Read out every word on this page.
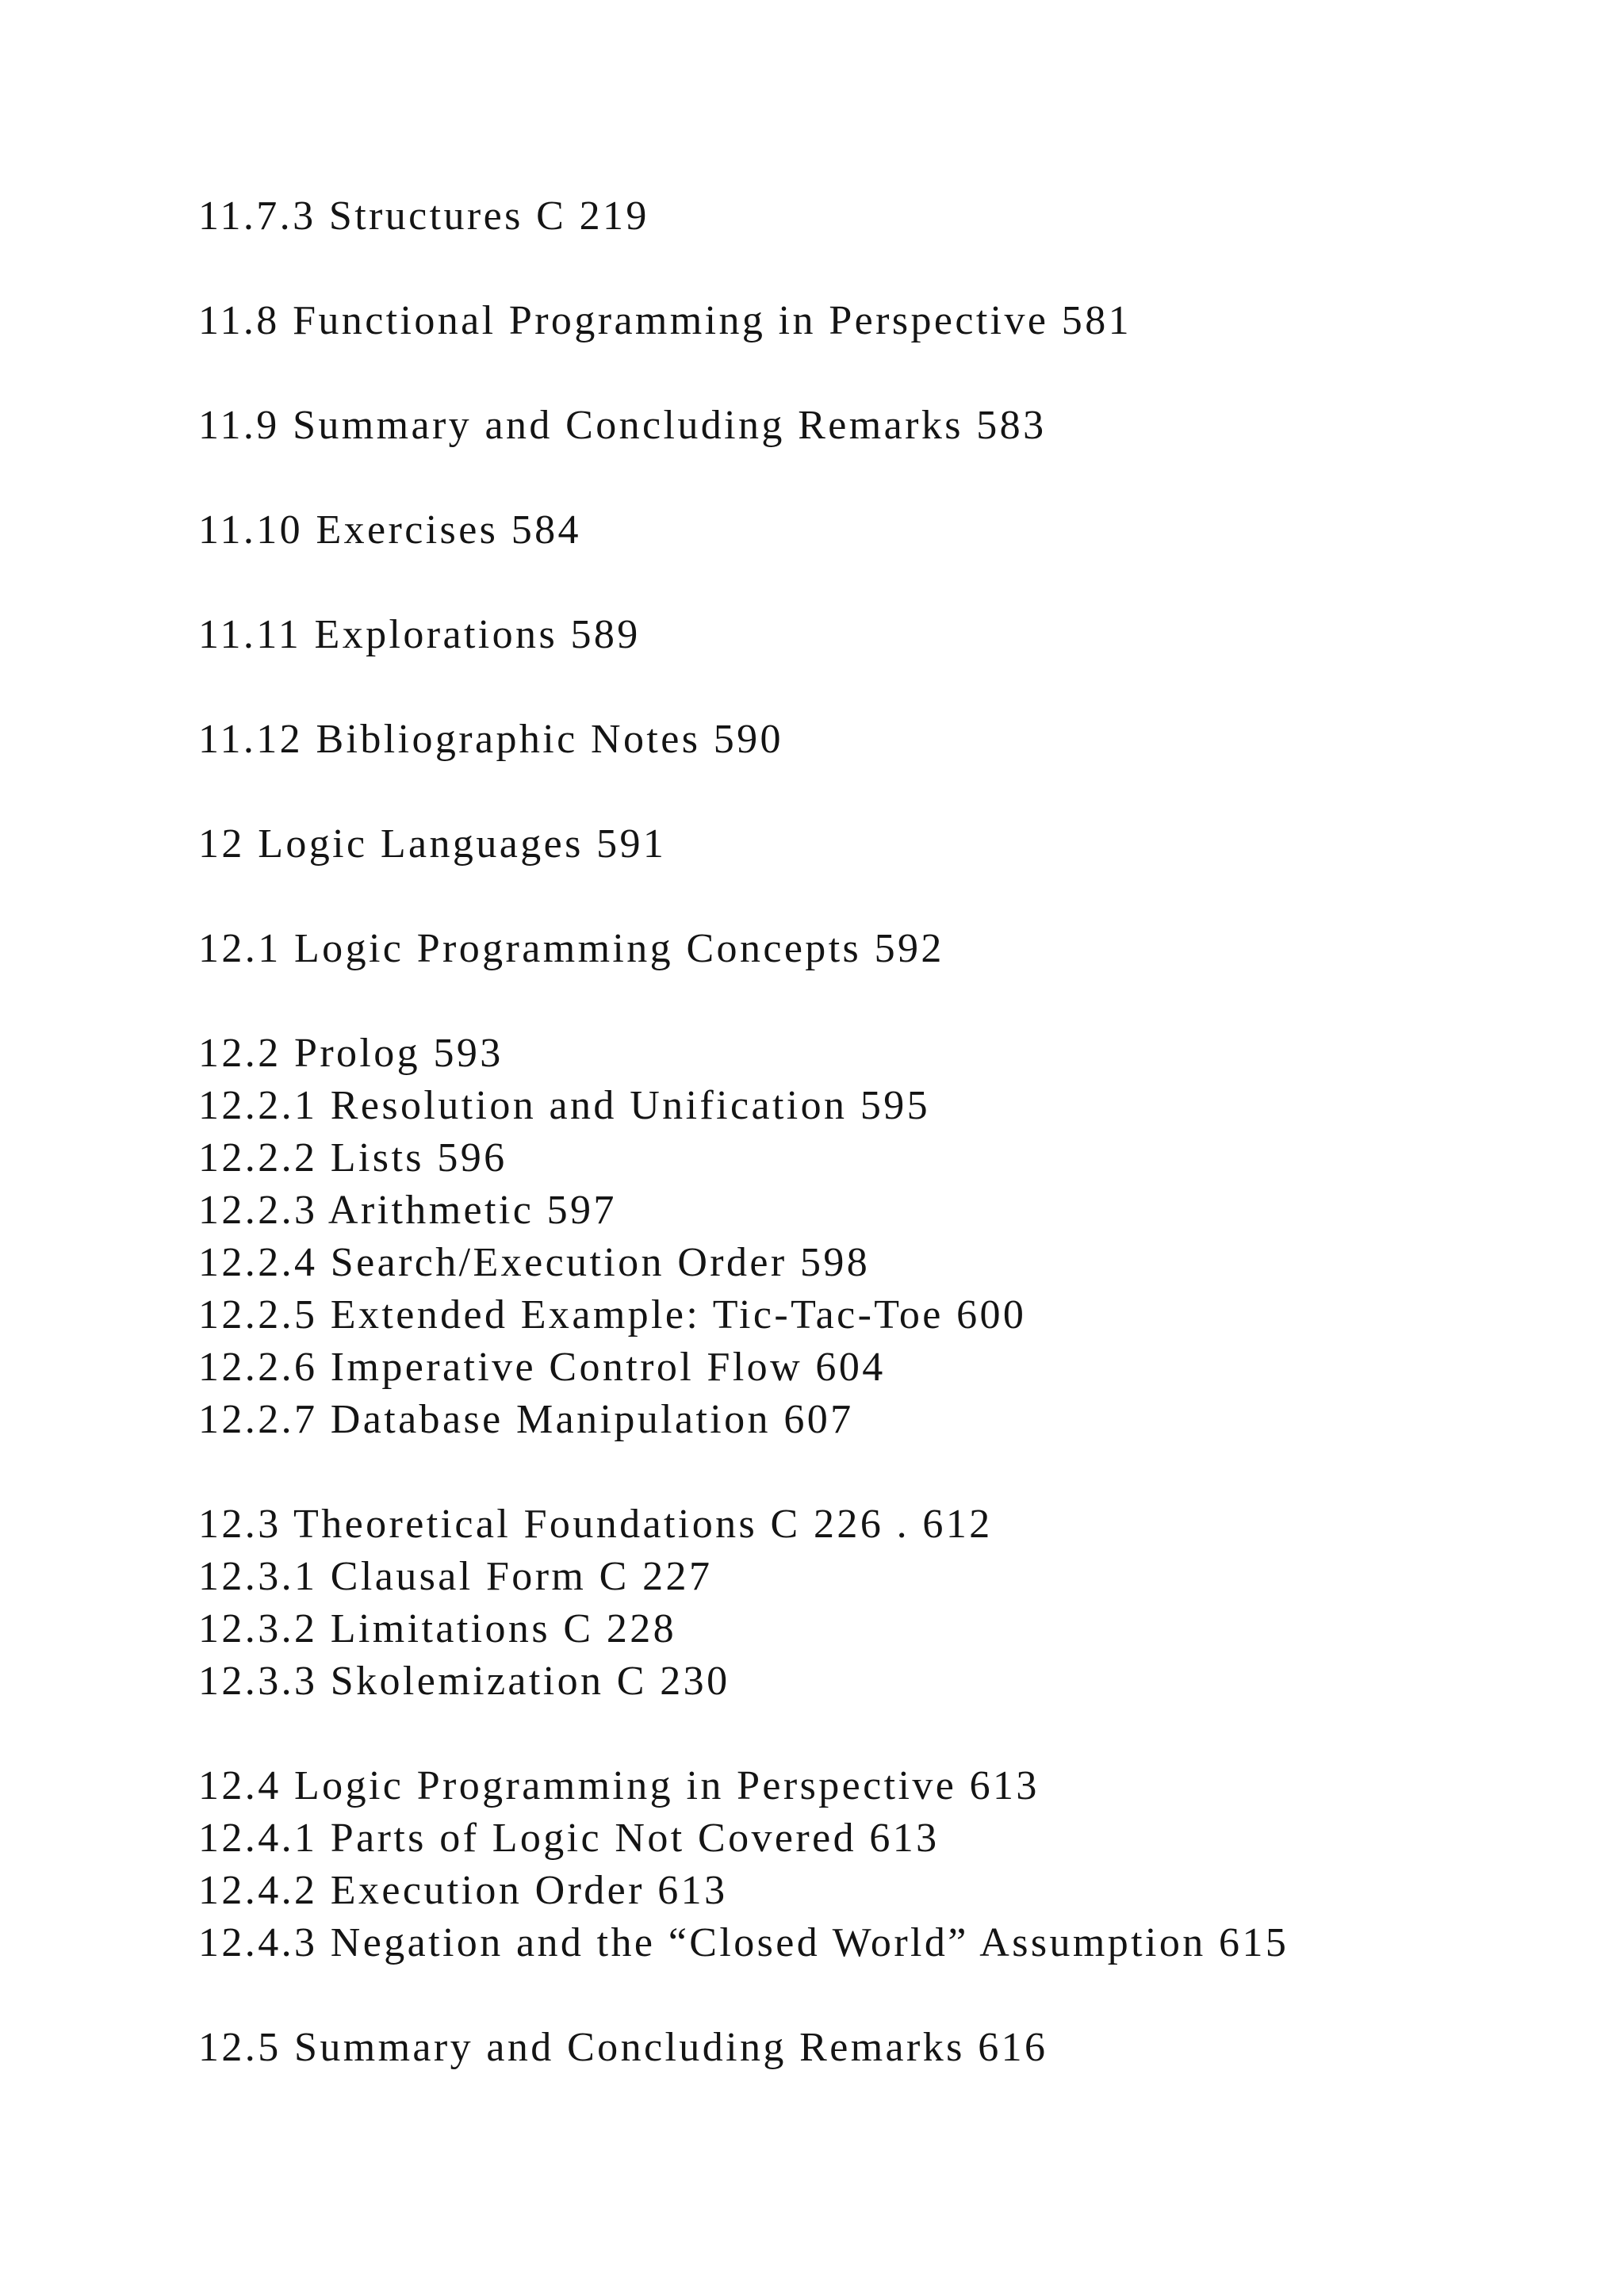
11.7.3 Structures C 219
11.8 Functional Programming in Perspective 581
11.9 Summary and Concluding Remarks 583
11.10 Exercises 584
11.11 Explorations 589
11.12 Bibliographic Notes 590
12 Logic Languages 591
12.1 Logic Programming Concepts 592
12.2 Prolog 593
12.2.1 Resolution and Unification 595
12.2.2 Lists 596
12.2.3 Arithmetic 597
12.2.4 Search/Execution Order 598
12.2.5 Extended Example: Tic-Tac-Toe 600
12.2.6 Imperative Control Flow 604
12.2.7 Database Manipulation 607
12.3 Theoretical Foundations C 226 . 612
12.3.1 Clausal Form C 227
12.3.2 Limitations C 228
12.3.3 Skolemization C 230
12.4 Logic Programming in Perspective 613
12.4.1 Parts of Logic Not Covered 613
12.4.2 Execution Order 613
12.4.3 Negation and the “Closed World” Assumption 615
12.5 Summary and Concluding Remarks 616
